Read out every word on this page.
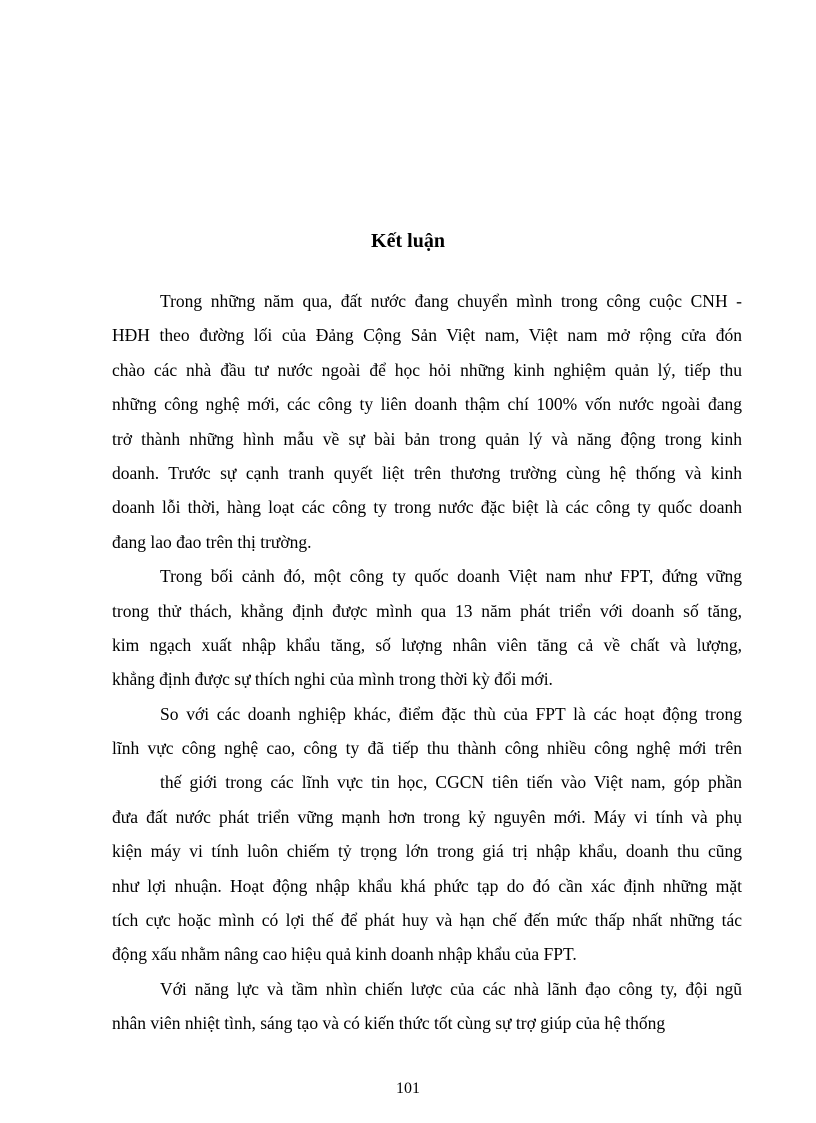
Kết luận
Trong những năm qua, đất nước đang chuyển mình trong công cuộc CNH -
HĐH theo đường lối của Đảng Cộng Sản Việt nam, Việt nam mở rộng cửa đón
chào các nhà đầu tư nước ngoài để học hỏi những kinh nghiệm quản lý, tiếp thu
những công nghệ mới, các công ty liên doanh thậm chí 100% vốn nước ngoài đang
trở thành những hình mẫu về sự bài bản trong quản lý và năng động trong kinh
doanh. Trước sự cạnh tranh quyết liệt trên thương trường cùng hệ thống và kinh
doanh lỗi thời, hàng loạt các công ty trong nước đặc biệt là các công ty quốc doanh
đang lao đao trên thị trường.
Trong bối cảnh đó, một công ty quốc doanh Việt nam như FPT, đứng vững
trong thử thách, khẳng định được mình qua 13 năm phát triển với doanh số tăng,
kim ngạch xuất nhập khẩu tăng, số lượng nhân viên tăng cả về chất và lượng,
khẳng định được sự thích nghi của mình trong thời kỳ đổi mới.
So với các doanh nghiệp khác, điểm đặc thù của FPT là các hoạt động trong
lĩnh vực công nghệ cao, công ty đã tiếp thu thành công nhiều công nghệ mới trên
thế giới trong các lĩnh vực tin học, CGCN tiên tiến vào Việt nam, góp phần
đưa đất nước phát triển vững mạnh hơn trong kỷ nguyên mới. Máy vi tính và phụ
kiện máy vi tính luôn chiếm tỷ trọng lớn trong giá trị nhập khẩu, doanh thu cũng
như lợi nhuận. Hoạt động nhập khẩu khá phức tạp do đó cần xác định những mặt
tích cực hoặc mình có lợi thế để phát huy và hạn chế đến mức thấp nhất những tác
động xấu nhằm nâng cao hiệu quả kinh doanh nhập khẩu của FPT.
Với năng lực và tầm nhìn chiến lược của các nhà lãnh đạo công ty, đội ngũ
nhân viên nhiệt tình, sáng tạo và có kiến thức tốt cùng sự trợ giúp của hệ thống
101
